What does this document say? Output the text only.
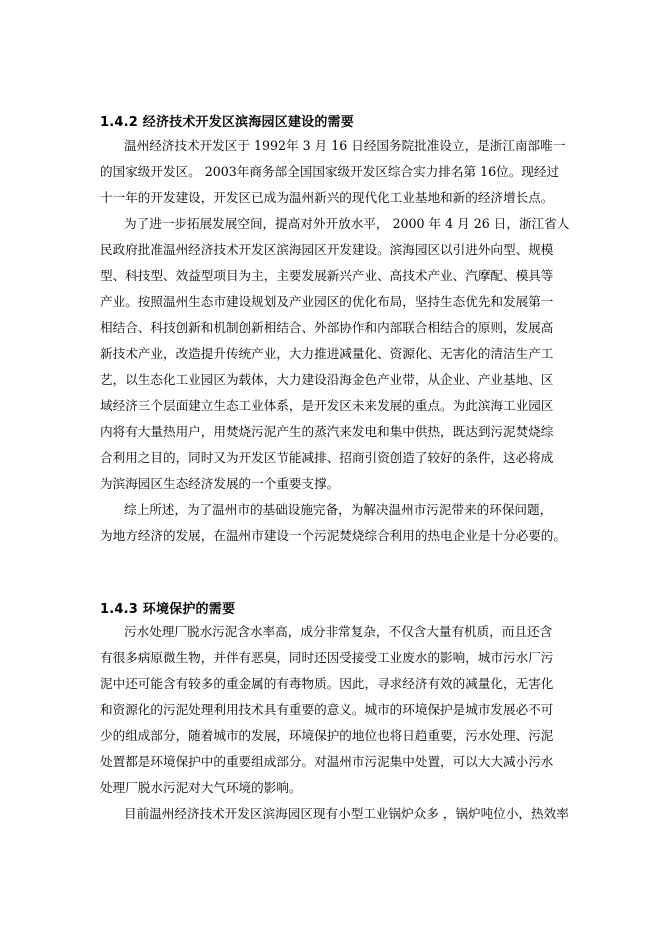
1.4.2 经济技术开发区滨海园区建设的需要
温州经济技术开发区于 1992年 3 月 16 日经国务院批准设立，是浙江南部唯一
的国家级开发区。 2003年商务部全国国家级开发区综合实力排名第 16位。现经过
十一年的开发建设，开发区已成为温州新兴的现代化工业基地和新的经济增长点。
为了进一步拓展发展空间，提高对外开放水平， 2000 年 4 月 26 日，浙江省人
民政府批准温州经济技术开发区滨海园区开发建设。滨海园区以引进外向型、规模
型、科技型、效益型项目为主，主要发展新兴产业、高技术产业、汽摩配、模具等
产业。按照温州生态市建设规划及产业园区的优化布局，坚持生态优先和发展第一
相结合、科技创新和机制创新相结合、外部协作和内部联合相结合的原则，发展高
新技术产业，改造提升传统产业，大力推进减量化、资源化、无害化的清洁生产工
艺，以生态化工业园区为载体，大力建设沿海金色产业带，从企业、产业基地、区
域经济三个层面建立生态工业体系，是开发区未来发展的重点。为此滨海工业园区
内将有大量热用户，用焚烧污泥产生的蒸汽来发电和集中供热，既达到污泥焚烧综
合利用之目的，同时又为开发区节能减排、招商引资创造了较好的条件，这必将成
为滨海园区生态经济发展的一个重要支撑。
综上所述，为了温州市的基础设施完备，为解决温州市污泥带来的环保问题，
为地方经济的发展，在温州市建设一个污泥焚烧综合利用的热电企业是十分必要的。
1.4.3 环境保护的需要
污水处理厂脱水污泥含水率高，成分非常复杂，不仅含大量有机质，而且还含
有很多病原微生物，并伴有恶臭，同时还因受接受工业废水的影响，城市污水厂污
泥中还可能含有较多的重金属的有毒物质。因此，寻求经济有效的减量化，无害化
和资源化的污泥处理利用技术具有重要的意义。城市的环境保护是城市发展必不可
少的组成部分，随着城市的发展，环境保护的地位也将日趋重要，污水处理、污泥
处置都是环境保护中的重要组成部分。对温州市污泥集中处置，可以大大减小污水
处理厂脱水污泥对大气环境的影响。
目前温州经济技术开发区滨海园区现有小型工业锅炉众多 ，锅炉吨位小，热效率
